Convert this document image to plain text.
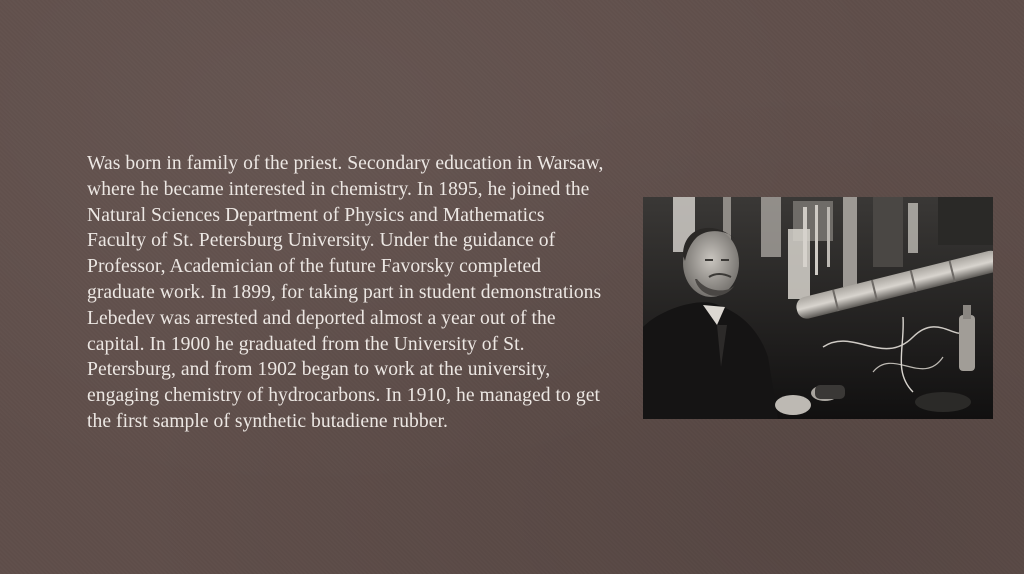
Was born in family of the priest. Secondary education in Warsaw, where he became interested in chemistry. In 1895, he joined the Natural Sciences Department of Physics and Mathematics Faculty of St. Petersburg University. Under the guidance of Professor, Academician of the future Favorsky completed graduate work. In 1899, for taking part in student demonstrations Lebedev was arrested and deported almost a year out of the capital. In 1900 he graduated from the University of St. Petersburg, and from 1902 began to work at the university, engaging chemistry of hydrocarbons. In 1910, he managed to get the first sample of synthetic butadiene rubber.
